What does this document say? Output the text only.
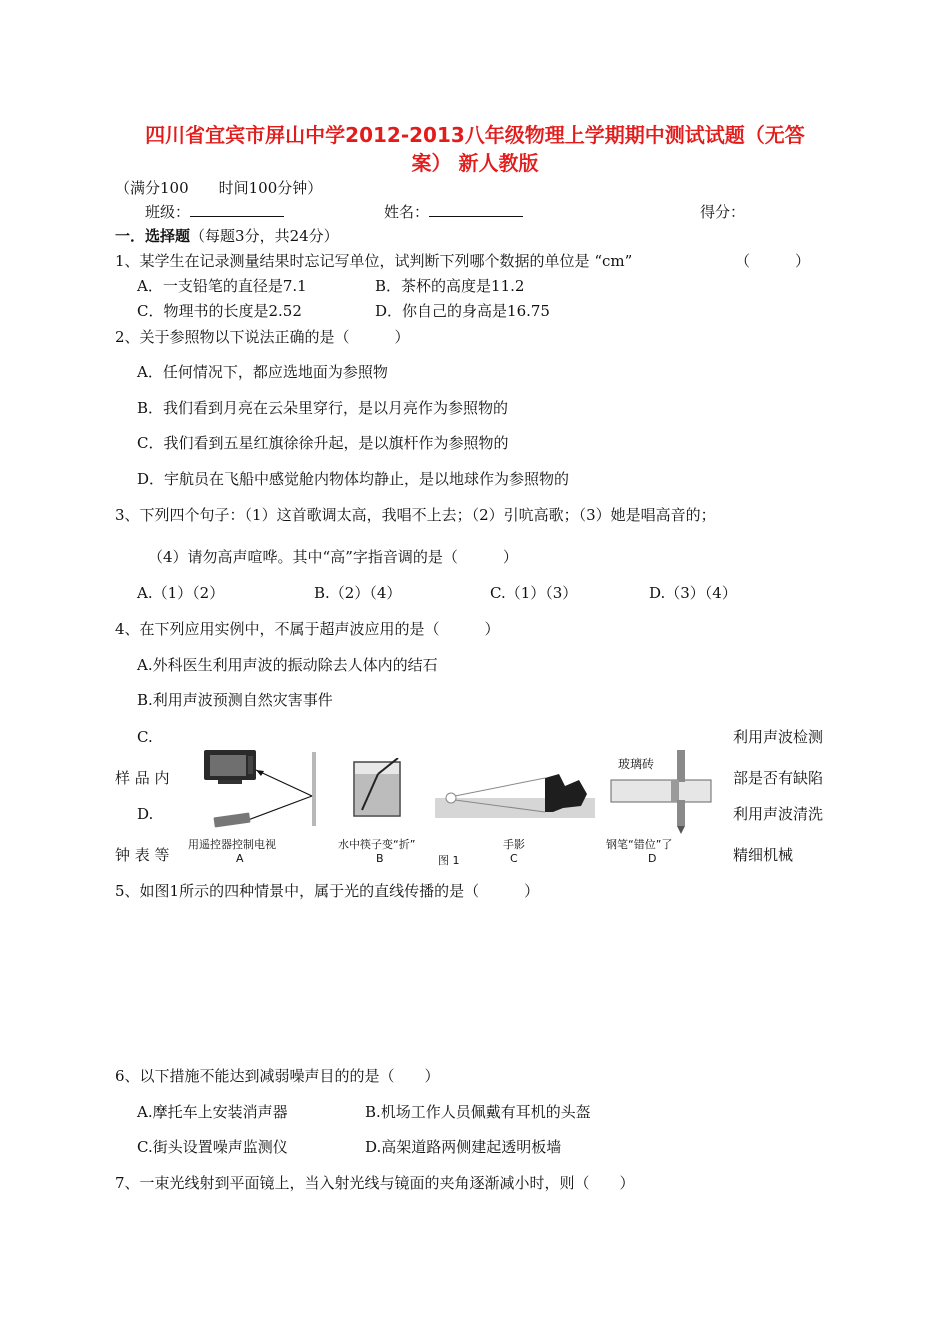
四川省宜宾市屏山中学2012-2013八年级物理上学期期中测试试题（无答
案） 新人教版
（满分100　　时间100分钟）
班级：	姓名：	得分：
一．选择题（每题3分，共24分）
1、某学生在记录测量结果时忘记写单位，试判断下列哪个数据的单位是 “cm”	（　　　）
A．一支铅笔的直径是7.1	B．茶杯的高度是11.2
C．物理书的长度是2.52	D．你自己的身高是16.75
2、关于参照物以下说法正确的是（　　　）
A．任何情况下，都应选地面为参照物
B．我们看到月亮在云朵里穿行，是以月亮作为参照物的
C．我们看到五星红旗徐徐升起，是以旗杆作为参照物的
D．宇航员在飞船中感觉舱内物体均静止，是以地球作为参照物的
3、下列四个句子：（1）这首歌调太高，我唱不上去；（2）引吭高歌；（3）她是唱高音的；
（4）请勿高声喧哗。其中“高”字指音调的是（　　　）
A.（1）（2）	B.（2）（4）	C.（1）（3）	D.（3）（4）
4、在下列应用实例中，不属于超声波应用的是（　　　）
A.外科医生利用声波的振动除去人体内的结石
B.利用声波预测自然灾害事件
C.	利用声波检测
样 品 内	部是否有缺陷
D.	利用声波清洗
钟 表 等	精细机械
玻璃砖
用遥控器控制电视
A
水中筷子变“折”
B	图 1
手影
C
钢笔“错位”了
D
5、如图1所示的四种情景中，属于光的直线传播的是（　　　）
6、以下措施不能达到减弱噪声目的的是（　　）
A.摩托车上安装消声器	B.机场工作人员佩戴有耳机的头盔
C.街头设置噪声监测仪	D.高架道路两侧建起透明板墙
7、一束光线射到平面镜上，当入射光线与镜面的夹角逐渐减小时，则（　　）
